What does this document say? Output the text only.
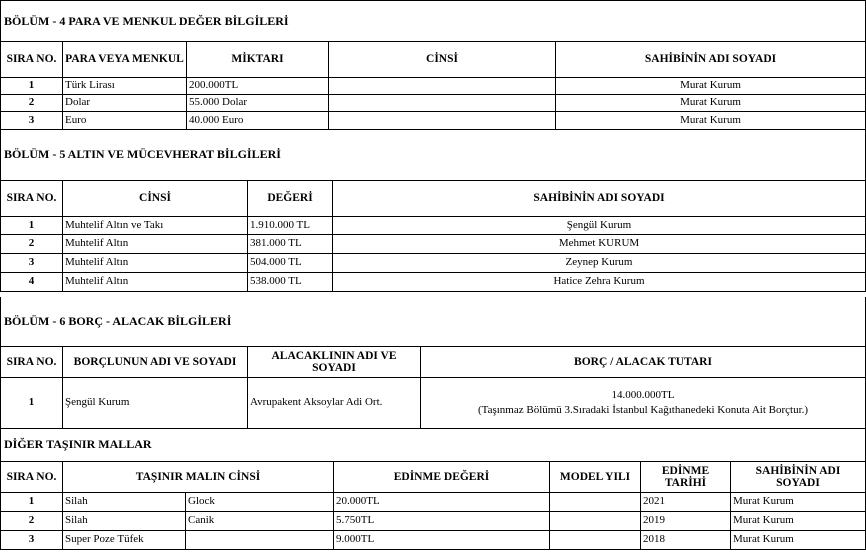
BÖLÜM - 4 PARA VE MENKUL DEĞER BİLGİLERİ
SIRA NO.	PARA VEYA MENKUL	MİKTARI	CİNSİ	SAHİBİNİN ADI SOYADI
1	Türk Lirası	200.000TL		Murat Kurum
2	Dolar	55.000 Dolar		Murat Kurum
3	Euro	40.000 Euro		Murat Kurum
BÖLÜM - 5 ALTIN VE MÜCEVHERAT BİLGİLERİ
SIRA NO.	CİNSİ	DEĞERİ	SAHİBİNİN ADI SOYADI
1	Muhtelif Altın ve Takı	1.910.000 TL	Şengül Kurum
2	Muhtelif Altın	381.000 TL	Mehmet KURUM
3	Muhtelif Altın	504.000 TL	Zeynep Kurum
4	Muhtelif Altın	538.000 TL	Hatice Zehra Kurum
BÖLÜM - 6 BORÇ - ALACAK BİLGİLERİ
SIRA NO.	BORÇLUNUN ADI VE SOYADI	ALACAKLININ ADI VE SOYADI	BORÇ / ALACAK TUTARI
1	Şengül Kurum	Avrupakent Aksoylar Adi Ort.	14.000.000TL
(Taşınmaz Bölümü 3.Sıradaki İstanbul Kağıthanedeki Konuta Ait Borçtur.)
DİĞER TAŞINIR MALLAR
SIRA NO.	TAŞINIR MALIN CİNSİ		EDİNME DEĞERİ	MODEL YILI	EDİNME TARİHİ	SAHİBİNİN ADI SOYADI
1	Silah	Glock	20.000TL		2021	Murat Kurum
2	Silah	Canik	5.750TL		2019	Murat Kurum
3	Super Poze Tüfek		9.000TL		2018	Murat Kurum
